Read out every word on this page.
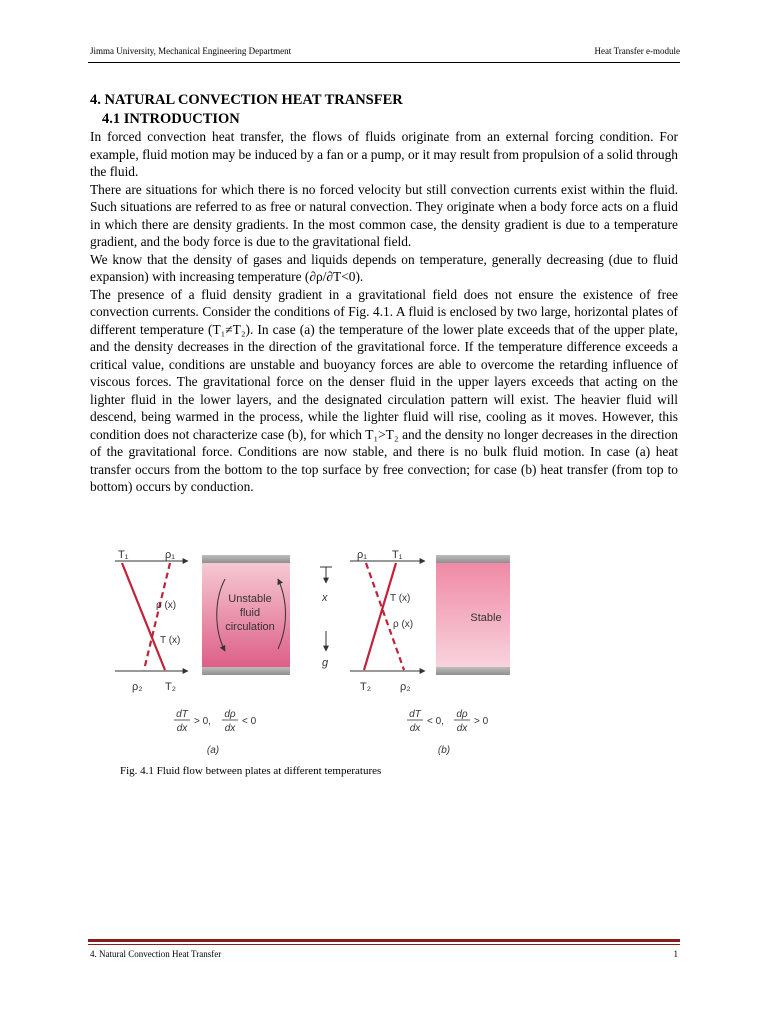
Jimma University, Mechanical Engineering Department	Heat Transfer e-module
4. NATURAL CONVECTION HEAT TRANSFER
4.1 INTRODUCTION

In forced convection heat transfer, the flows of fluids originate from an external forcing condition. For example, fluid motion may be induced by a fan or a pump, or it may result from propulsion of a solid through the fluid.

There are situations for which there is no forced velocity but still convection currents exist within the fluid. Such situations are referred to as free or natural convection. They originate when a body force acts on a fluid in which there are density gradients. In the most common case, the density gradient is due to a temperature gradient, and the body force is due to the gravitational field.

We know that the density of gases and liquids depends on temperature, generally decreasing (due to fluid expansion) with increasing temperature (∂ρ/∂T<0).

The presence of a fluid density gradient in a gravitational field does not ensure the existence of free convection currents. Consider the conditions of Fig. 4.1. A fluid is enclosed by two large, horizontal plates of different temperature (T₁≠T₂). In case (a) the temperature of the lower plate exceeds that of the upper plate, and the density decreases in the direction of the gravitational force. If the temperature difference exceeds a critical value, conditions are unstable and buoyancy forces are able to overcome the retarding influence of viscous forces. The gravitational force on the denser fluid in the upper layers exceeds that acting on the lighter fluid in the lower layers, and the designated circulation pattern will exist. The heavier fluid will descend, being warmed in the process, while the lighter fluid will rise, cooling as it moves. However, this condition does not characterize case (b), for which T₁>T₂ and the density no longer decreases in the direction of the gravitational force. Conditions are now stable, and there is no bulk fluid motion. In case (a) heat transfer occurs from the bottom to the top surface by free convection; for case (b) heat transfer (from top to bottom) occurs by conduction.

T₁	ρ₁
ρ (x)
T (x)
ρ₂ T₂
Unstable
fluid
circulation
x
g
ρ₁ T₁
T (x)
ρ (x)
T₂	ρ₂
Stable
dT
dx
> 0,
dρ
dx
< 0
(a)
dT
dx
< 0,
dρ
dx
> 0
(b)
Fig. 4.1 Fluid flow between plates at different temperatures
4. Natural Convection Heat Transfer	1
